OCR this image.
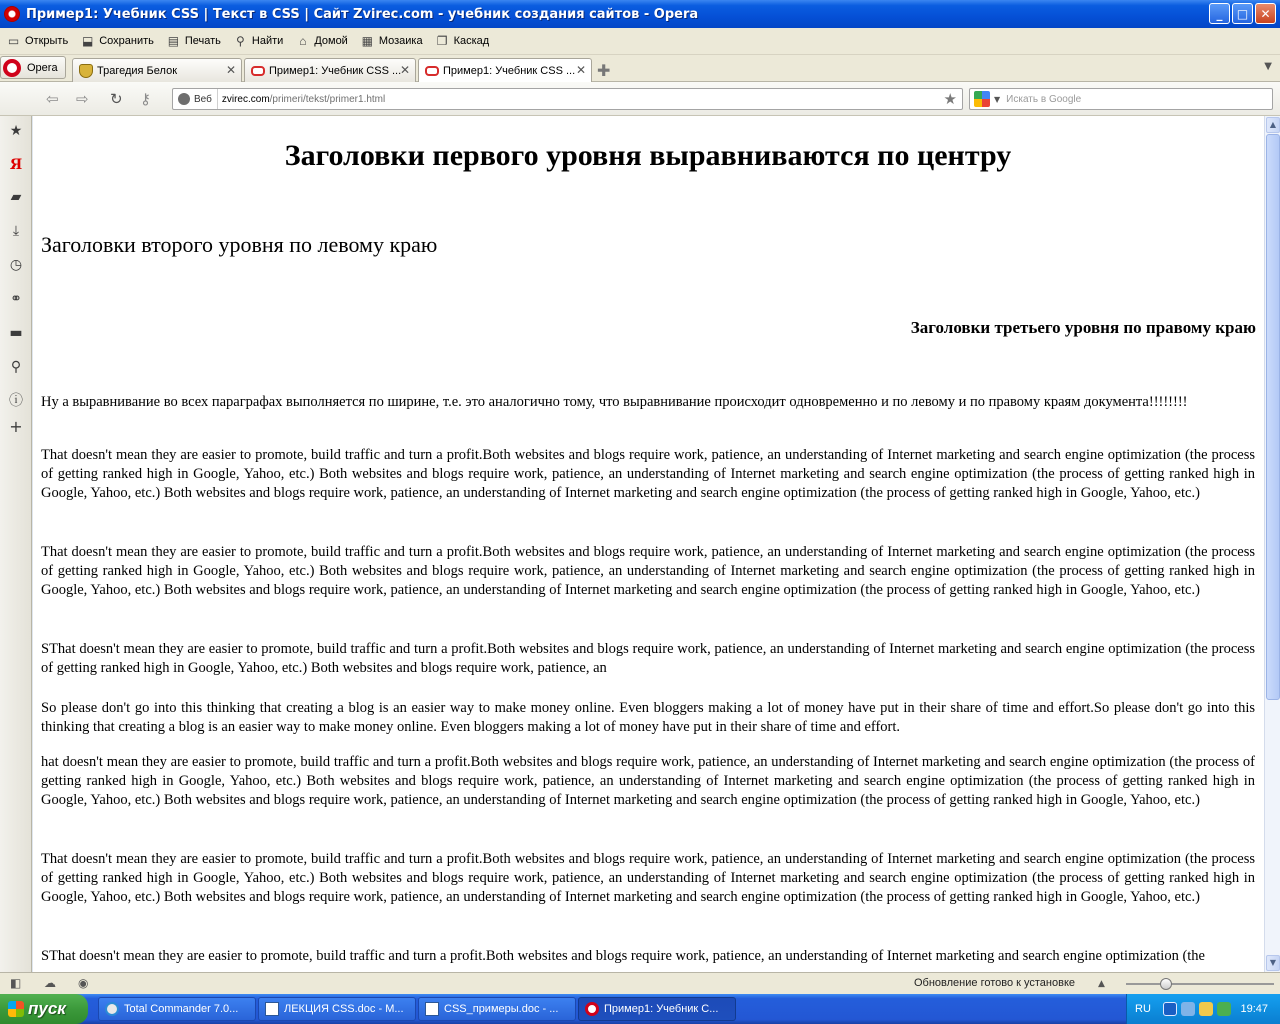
Пример1: Учебник CSS | Текст в CSS | Сайт Zvirec.com - учебник создания сайтов - Opera	_	□	✕
▭ Открыть ⬓ Сохранить ▤ Печать ⚲ Найти	⌂ Домой ▦ Мозаика ❐ Каскад
Opera	Трагедия Белок	✕	Пример1: Учебник CSS ...
✕	Пример1: Учебник CSS ... ✕ ✚	▼
⇦ ⇨ ↻ ⚷	Веб zvirec.com/primeri/tekst/primer1.html	★	▼ Искать в Google
★
Я
▰
⤓
◷
⚭
▬
⚲
ⓘ
+
Заголовки первого уровня выравниваются по центру
Заголовки второго уровня по левому краю
Заголовки третьего уровня по правому краю

Ну а выравнивание во всех параграфах выполняется по ширине, т.е. это аналогично тому, что выравнивание происходит одновременно и по левому и по правому краям документа!!!!!!!!

That doesn't mean they are easier to promote, build traffic and turn a profit.Both websites and blogs require work, patience, an understanding of Internet marketing and search engine optimization (the process of getting ranked high in Google, Yahoo, etc.) Both websites and blogs require work, patience, an understanding of Internet marketing and search engine optimization (the process of getting ranked high in Google, Yahoo, etc.) Both websites and blogs require work, patience, an understanding of Internet marketing and search engine optimization (the process of getting ranked high in Google, Yahoo, etc.)

That doesn't mean they are easier to promote, build traffic and turn a profit.Both websites and blogs require work, patience, an understanding of Internet marketing and search engine optimization (the process of getting ranked high in Google, Yahoo, etc.) Both websites and blogs require work, patience, an understanding of Internet marketing and search engine optimization (the process of getting ranked high in Google, Yahoo, etc.) Both websites and blogs require work, patience, an understanding of Internet marketing and search engine optimization (the process of getting ranked high in Google, Yahoo, etc.)

SThat doesn't mean they are easier to promote, build traffic and turn a profit.Both websites and blogs require work, patience, an understanding of Internet marketing and search engine optimization (the process of getting ranked high in Google, Yahoo, etc.) Both websites and blogs require work, patience, an

So please don't go into this thinking that creating a blog is an easier way to make money online. Even bloggers making a lot of money have put in their share of time and effort.So please don't go into this thinking that creating a blog is an easier way to make money online. Even bloggers making a lot of money have put in their share of time and effort.

hat doesn't mean they are easier to promote, build traffic and turn a profit.Both websites and blogs require work, patience, an understanding of Internet marketing and search engine optimization (the process of getting ranked high in Google, Yahoo, etc.) Both websites and blogs require work, patience, an understanding of Internet marketing and search engine optimization (the process of getting ranked high in Google, Yahoo, etc.) Both websites and blogs require work, patience, an understanding of Internet marketing and search engine optimization (the process of getting ranked high in Google, Yahoo, etc.)

That doesn't mean they are easier to promote, build traffic and turn a profit.Both websites and blogs require work, patience, an understanding of Internet marketing and search engine optimization (the process of getting ranked high in Google, Yahoo, etc.) Both websites and blogs require work, patience, an understanding of Internet marketing and search engine optimization (the process of getting ranked high in Google, Yahoo, etc.) Both websites and blogs require work, patience, an understanding of Internet marketing and search engine optimization (the process of getting ranked high in Google, Yahoo, etc.)

SThat doesn't mean they are easier to promote, build traffic and turn a profit.Both websites and blogs require work, patience, an understanding of Internet marketing and search engine optimization (the

▲
▼
◧ ☁ ◉	Обновление готово к установке	▲
пуск	Total Commander 7.0...	ЛЕКЦИЯ CSS.doc - M...	CSS_примеры.doc - ...	Пример1: Учебник C...	RU	19:47
